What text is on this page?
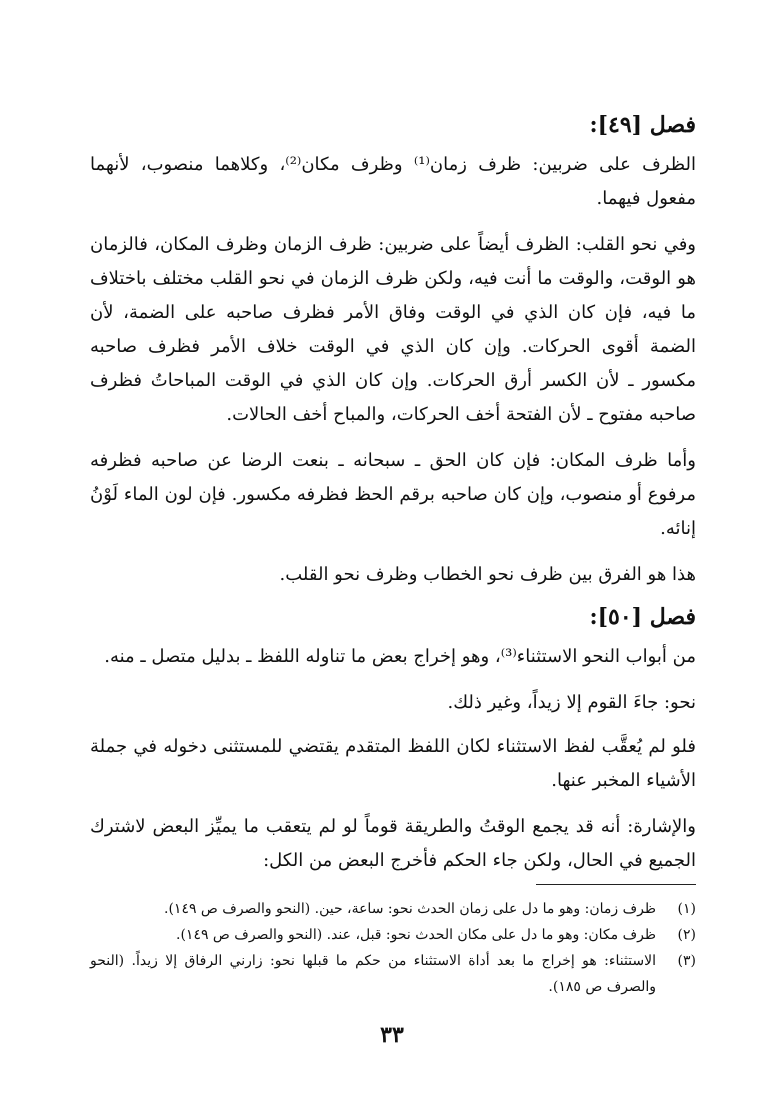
فصل [٤٩]:

الظرف على ضربين: ظرف زمان⁽¹⁾ وظرف مكان⁽²⁾، وكلاهما منصوب، لأنهما مفعول فيهما.

وفي نحو القلب: الظرف أيضاً على ضربين: ظرف الزمان وظرف المكان، فالزمان هو الوقت، والوقت ما أنت فيه، ولكن ظرف الزمان في نحو القلب مختلف باختلاف ما فيه، فإن كان الذي في الوقت وفاق الأمر فظرف صاحبه على الضمة، لأن الضمة أقوى الحركات. وإن كان الذي في الوقت خلاف الأمر فظرف صاحبه مكسور ـ لأن الكسر أرق الحركات. وإن كان الذي في الوقت المباحاتُ فظرف صاحبه مفتوح ـ لأن الفتحة أخف الحركات، والمباح أخف الحالات.

وأما ظرف المكان: فإن كان الحق ـ سبحانه ـ بنعت الرضا عن صاحبه فظرفه مرفوع أو منصوب، وإن كان صاحبه برقم الحظ فظرفه مكسور. فإن لون الماء لَوْنُ إنائه.

هذا هو الفرق بين ظرف نحو الخطاب وظرف نحو القلب.

فصل [٥٠]:

من أبواب النحو الاستثناء⁽³⁾، وهو إخراج بعض ما تناوله اللفظ ـ بدليل متصل ـ منه.

نحو: جاءَ القوم إلا زيداً، وغير ذلك.

فلو لم يُعقَّب لفظ الاستثناء لكان اللفظ المتقدم يقتضي للمستثنى دخوله في جملة الأشياء المخبر عنها.

والإشارة: أنه قد يجمع الوقتُ والطريقة قوماً لو لم يتعقب ما يميِّز البعض لاشترك الجميع في الحال، ولكن جاء الحكم فأخرج البعض من الكل:

(١)
ظرف زمان: وهو ما دل على زمان الحدث نحو: ساعة، حين. (النحو والصرف ص ١٤٩).
(٢)
ظرف مكان: وهو ما دل على مكان الحدث نحو: قبل، عند. (النحو والصرف ص ١٤٩).
(٣)
الاستثناء: هو إخراج ما بعد أداة الاستثناء من حكم ما قبلها نحو: زارني الرفاق إلا زيداً. (النحو والصرف ص ١٨٥).
٣٣
